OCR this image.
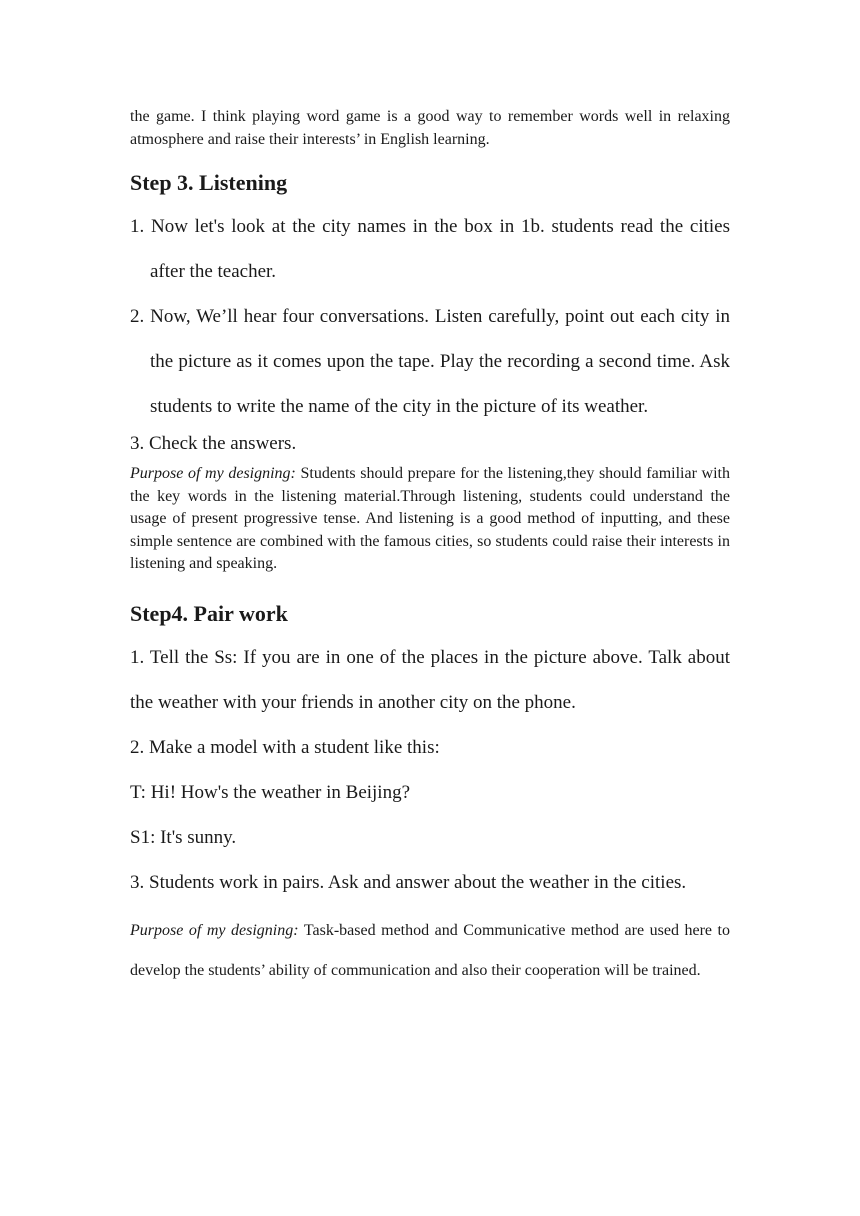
the game. I think playing word game is a good way to remember words well in relaxing atmosphere and raise their interests’ in English learning.

Step 3. Listening

1. Now let's look at the city names in the box in 1b. students read the cities after the teacher.

2. Now, We’ll hear four conversations. Listen carefully, point out each city in the picture as it comes upon the tape. Play the recording a second time. Ask students to write the name of the city in the picture of its weather.

3. Check the answers.

Purpose of my designing: Students should prepare for the listening,they should familiar with the key words in the listening material.Through listening, students could understand the usage of present progressive tense. And listening is a good method of inputting, and these simple sentence are combined with the famous cities, so students could raise their interests in listening and speaking.

Step4. Pair work

1. Tell the Ss: If you are in one of the places in the picture above. Talk about the weather with your friends in another city on the phone.

2. Make a model with a student like this:

T: Hi! How's the weather in Beijing?

S1: It's sunny.

3. Students work in pairs. Ask and answer about the weather in the cities.

Purpose of my designing: Task-based method and Communicative method are used here to develop the students’ ability of communication and also their cooperation will be trained.
